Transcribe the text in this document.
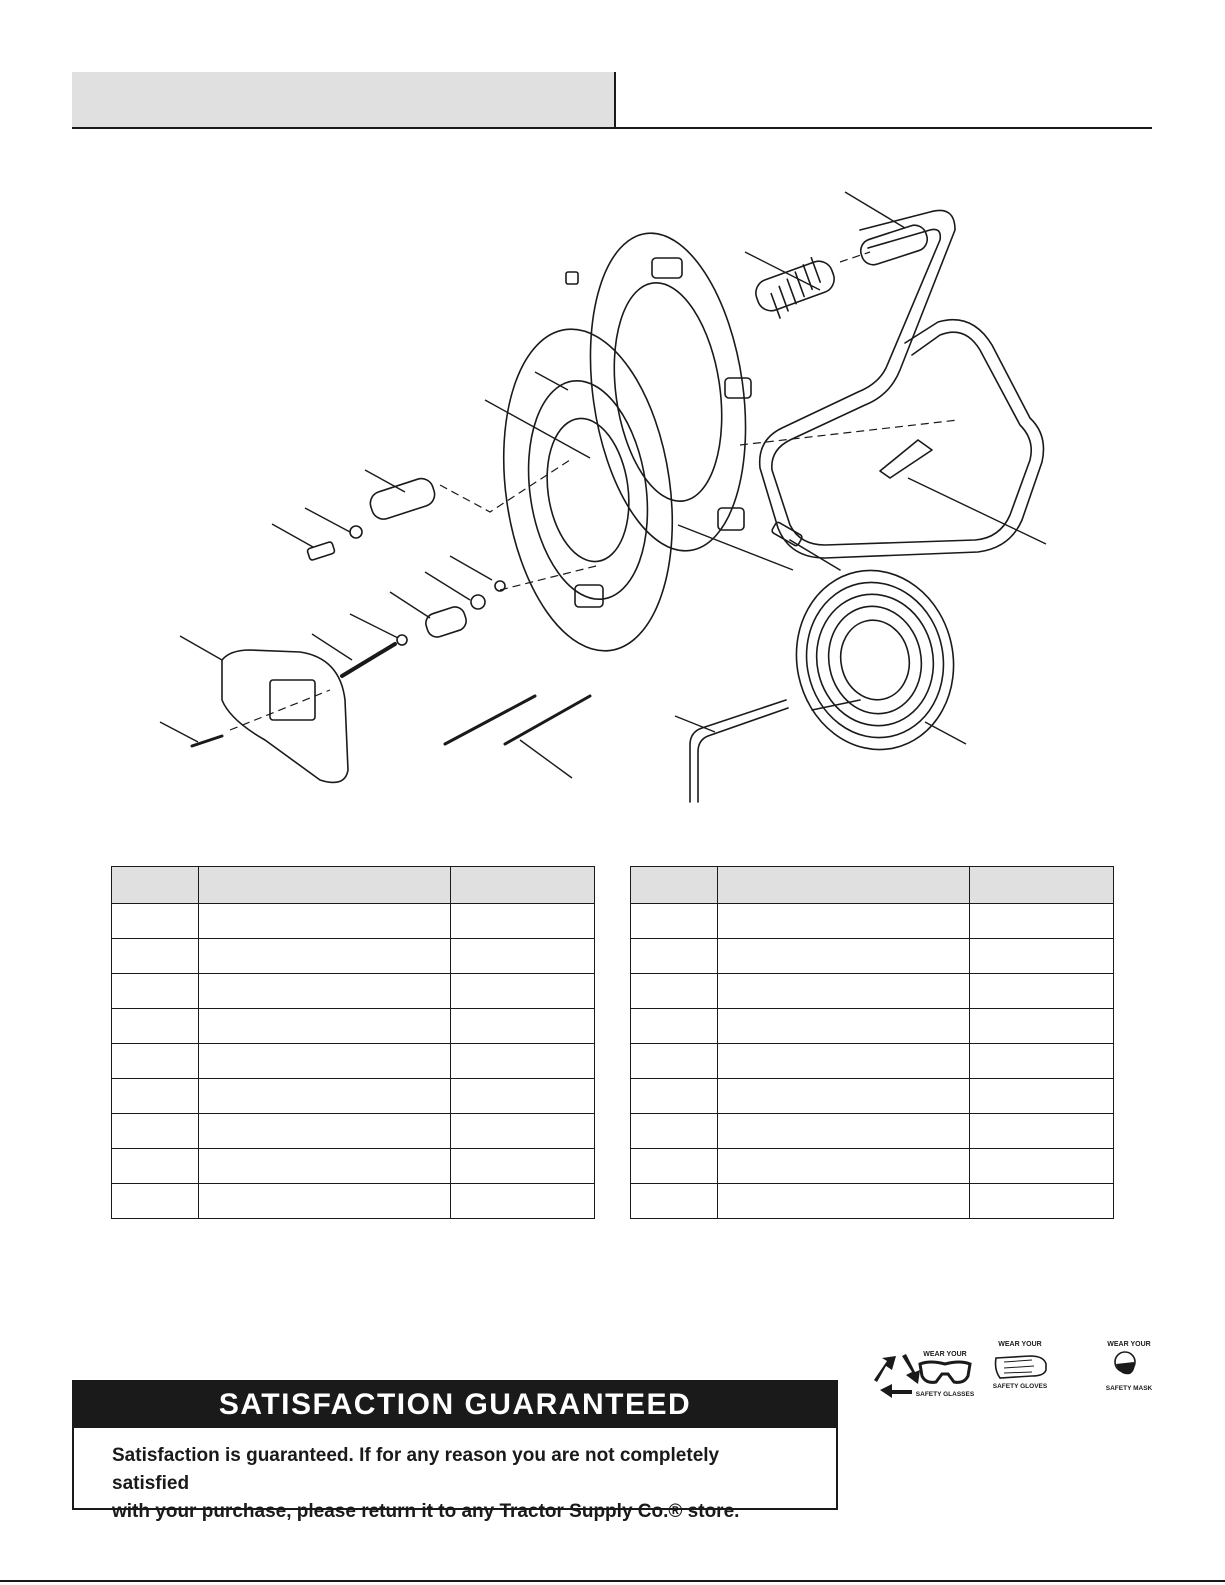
WEAR YOUR
SAFETY GLASSES
WEAR YOUR
SAFETY GLOVES
WEAR YOUR
SAFETY MASK
SATISFACTION GUARANTEED
Satisfaction is guaranteed. If for any reason you are not completely satisfied
with your purchase, please return it to any Tractor Supply Co.® store.
